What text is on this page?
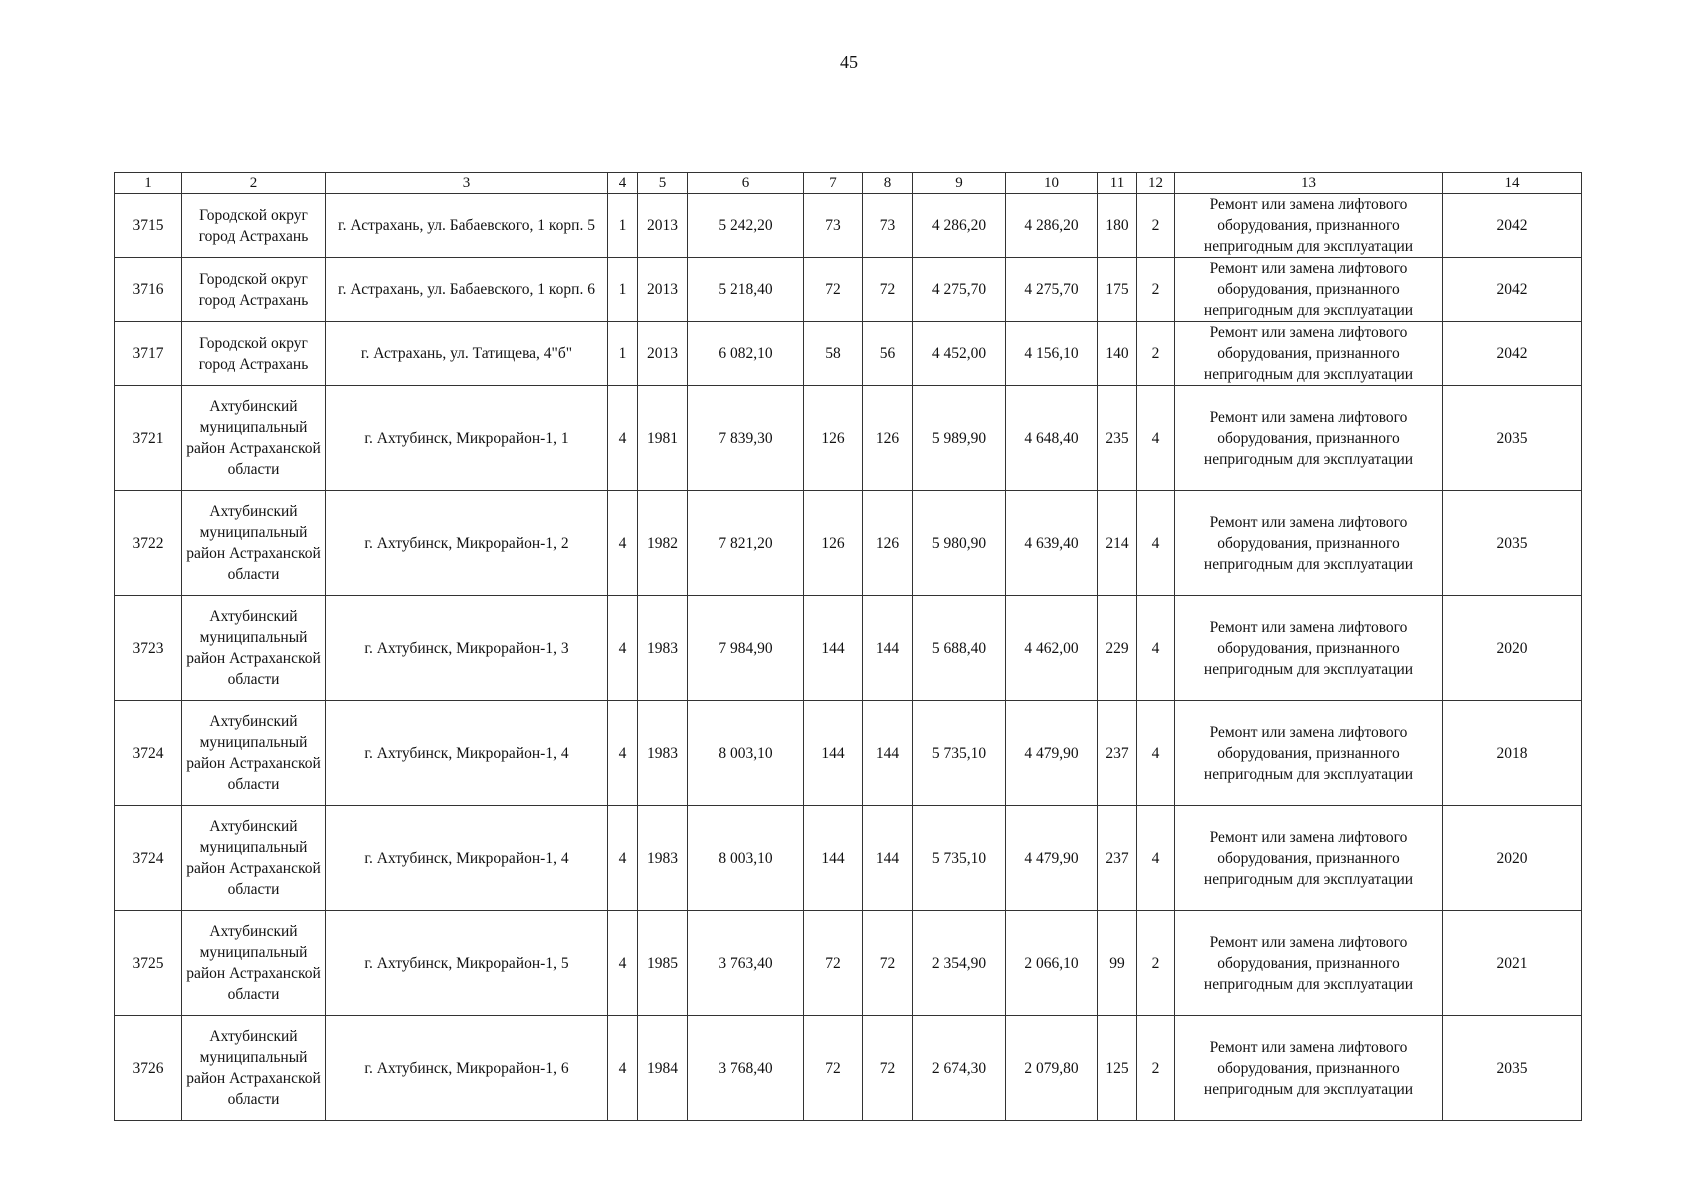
45
1	2	3	4	5	6	7	8	9	10	11	12	13	14
3715	Городской округ город Астрахань	г. Астрахань, ул. Бабаевского, 1 корп. 5	1	2013	5 242,20	73	73	4 286,20	4 286,20	180	2	Ремонт или замена лифтового оборудования, признанного непригодным для эксплуатации	2042
3716	Городской округ город Астрахань	г. Астрахань, ул. Бабаевского, 1 корп. 6	1	2013	5 218,40	72	72	4 275,70	4 275,70	175	2	Ремонт или замена лифтового оборудования, признанного непригодным для эксплуатации	2042
3717	Городской округ город Астрахань	г. Астрахань, ул. Татищева, 4"б"	1	2013	6 082,10	58	56	4 452,00	4 156,10	140	2	Ремонт или замена лифтового оборудования, признанного непригодным для эксплуатации	2042
3721	Ахтубинский муниципальный район Астраханской области	г. Ахтубинск, Микрорайон-1, 1	4	1981	7 839,30	126	126	5 989,90	4 648,40	235	4	Ремонт или замена лифтового оборудования, признанного непригодным для эксплуатации	2035
3722	Ахтубинский муниципальный район Астраханской области	г. Ахтубинск, Микрорайон-1, 2	4	1982	7 821,20	126	126	5 980,90	4 639,40	214	4	Ремонт или замена лифтового оборудования, признанного непригодным для эксплуатации	2035
3723	Ахтубинский муниципальный район Астраханской области	г. Ахтубинск, Микрорайон-1, 3	4	1983	7 984,90	144	144	5 688,40	4 462,00	229	4	Ремонт или замена лифтового оборудования, признанного непригодным для эксплуатации	2020
3724	Ахтубинский муниципальный район Астраханской области	г. Ахтубинск, Микрорайон-1, 4	4	1983	8 003,10	144	144	5 735,10	4 479,90	237	4	Ремонт или замена лифтового оборудования, признанного непригодным для эксплуатации	2018
3724	Ахтубинский муниципальный район Астраханской области	г. Ахтубинск, Микрорайон-1, 4	4	1983	8 003,10	144	144	5 735,10	4 479,90	237	4	Ремонт или замена лифтового оборудования, признанного непригодным для эксплуатации	2020
3725	Ахтубинский муниципальный район Астраханской области	г. Ахтубинск, Микрорайон-1, 5	4	1985	3 763,40	72	72	2 354,90	2 066,10	99	2	Ремонт или замена лифтового оборудования, признанного непригодным для эксплуатации	2021
3726	Ахтубинский муниципальный район Астраханской области	г. Ахтубинск, Микрорайон-1, 6	4	1984	3 768,40	72	72	2 674,30	2 079,80	125	2	Ремонт или замена лифтового оборудования, признанного непригодным для эксплуатации	2035
